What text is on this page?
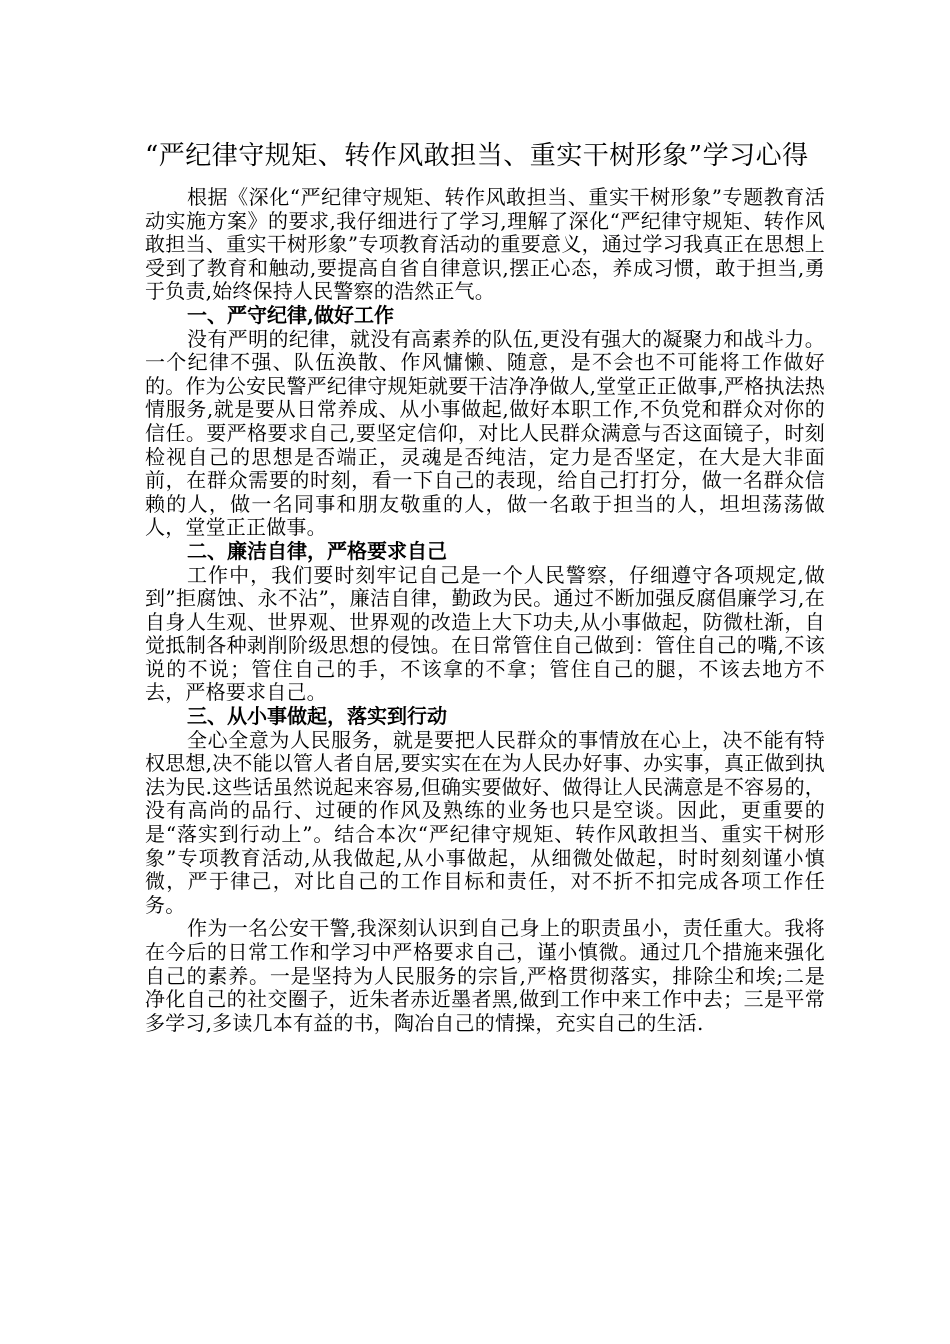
“严纪律守规矩、转作风敢担当、重实干树形象”学习心得

根据《深化“严纪律守规矩、转作风敢担当、重实干树形象”专题教育活动实施方案》的要求,我仔细进行了学习,理解了深化“严纪律守规矩、转作风敢担当、重实干树形象”专项教育活动的重要意义，通过学习我真正在思想上受到了教育和触动,要提高自省自律意识,摆正心态，养成习惯，敢于担当,勇于负责,始终保持人民警察的浩然正气。

一、严守纪律,做好工作

没有严明的纪律，就没有高素养的队伍,更没有强大的凝聚力和战斗力。一个纪律不强、队伍涣散、作风慵懒、随意，是不会也不可能将工作做好的。作为公安民警严纪律守规矩就要干洁净净做人,堂堂正正做事,严格执法热情服务,就是要从日常养成、从小事做起,做好本职工作,不负党和群众对你的信任。要严格要求自己,要坚定信仰，对比人民群众满意与否这面镜子，时刻检视自己的思想是否端正，灵魂是否纯洁，定力是否坚定，在大是大非面前，在群众需要的时刻，看一下自己的表现，给自己打打分，做一名群众信赖的人，做一名同事和朋友敬重的人，做一名敢于担当的人，坦坦荡荡做人，堂堂正正做事。

二、廉洁自律，严格要求自己

工作中，我们要时刻牢记自己是一个人民警察，仔细遵守各项规定,做到”拒腐蚀、永不沾”，廉洁自律，勤政为民。通过不断加强反腐倡廉学习,在自身人生观、世界观、世界观的改造上大下功夫,从小事做起，防微杜渐，自觉抵制各种剥削阶级思想的侵蚀。在日常管住自己做到：管住自己的嘴,不该说的不说；管住自己的手，不该拿的不拿；管住自己的腿，不该去地方不去，严格要求自己。

三、从小事做起，落实到行动

全心全意为人民服务，就是要把人民群众的事情放在心上，决不能有特权思想,决不能以管人者自居,要实实在在为人民办好事、办实事，真正做到执法为民.这些话虽然说起来容易,但确实要做好、做得让人民满意是不容易的，没有高尚的品行、过硬的作风及熟练的业务也只是空谈。因此，更重要的是“落实到行动上”。结合本次“严纪律守规矩、转作风敢担当、重实干树形象”专项教育活动,从我做起,从小事做起，从细微处做起，时时刻刻谨小慎微，严于律己，对比自己的工作目标和责任，对不折不扣完成各项工作任务。

作为一名公安干警,我深刻认识到自己身上的职责虽小，责任重大。我将在今后的日常工作和学习中严格要求自己，谨小慎微。通过几个措施来强化自己的素养。一是坚持为人民服务的宗旨,严格贯彻落实，排除尘和埃;二是净化自己的社交圈子，近朱者赤近墨者黑,做到工作中来工作中去；三是平常多学习,多读几本有益的书，陶冶自己的情操，充实自己的生活.
